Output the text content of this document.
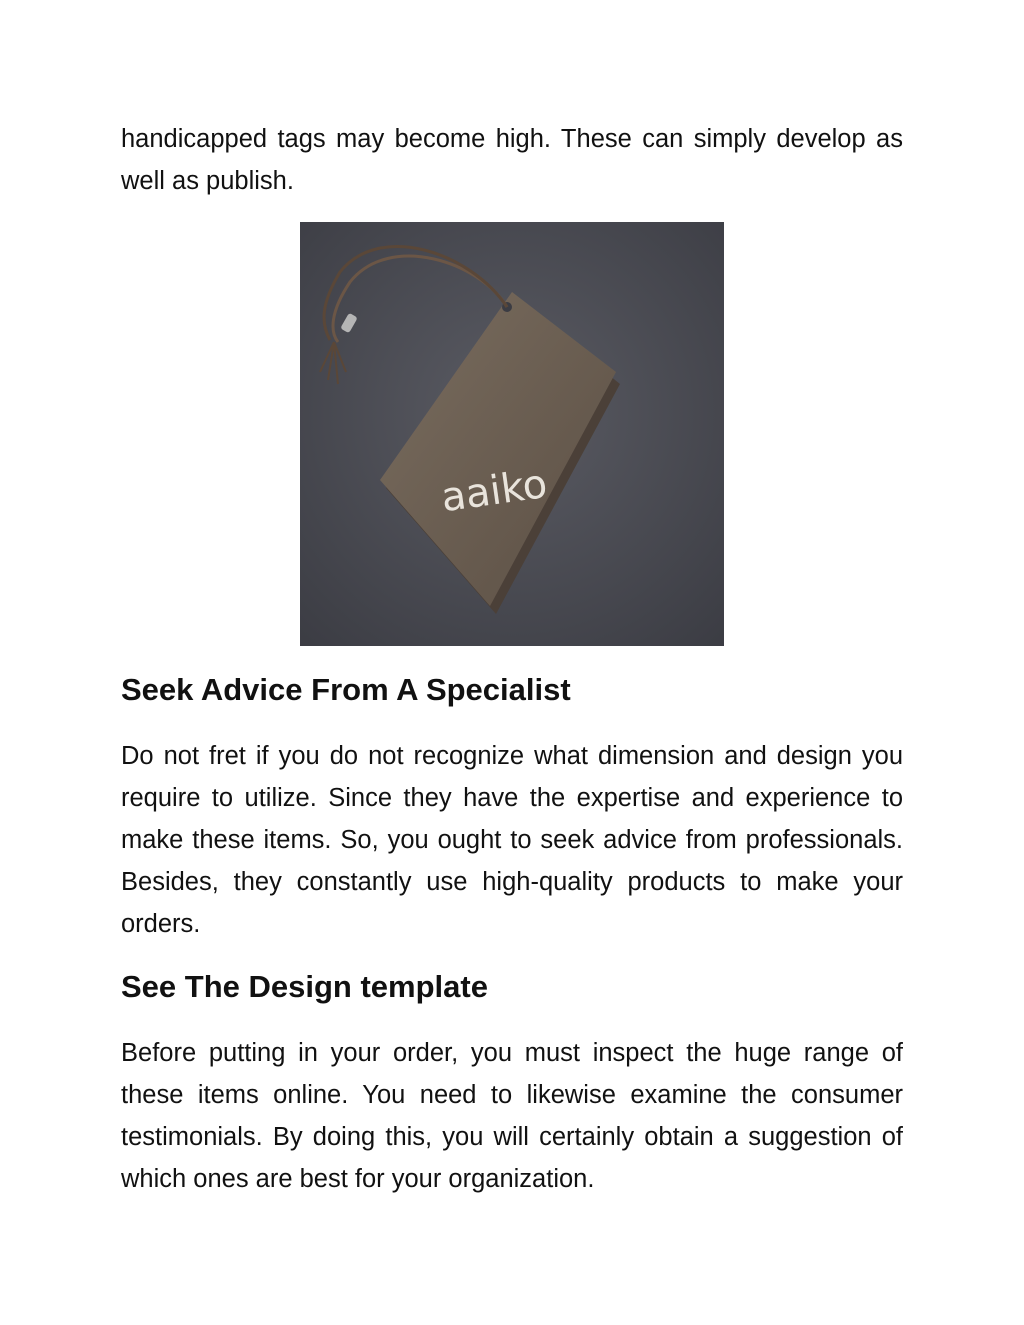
handicapped tags may become high. These can simply develop as well as publish.

aaiko
Seek Advice From A Specialist

Do not fret if you do not recognize what dimension and design you require to utilize. Since they have the expertise and experience to make these items. So, you ought to seek advice from professionals. Besides, they constantly use high-quality products to make your orders.

See The Design template

Before putting in your order, you must inspect the huge range of these items online. You need to likewise examine the consumer testimonials. By doing this, you will certainly obtain a suggestion of which ones are best for your organization.
